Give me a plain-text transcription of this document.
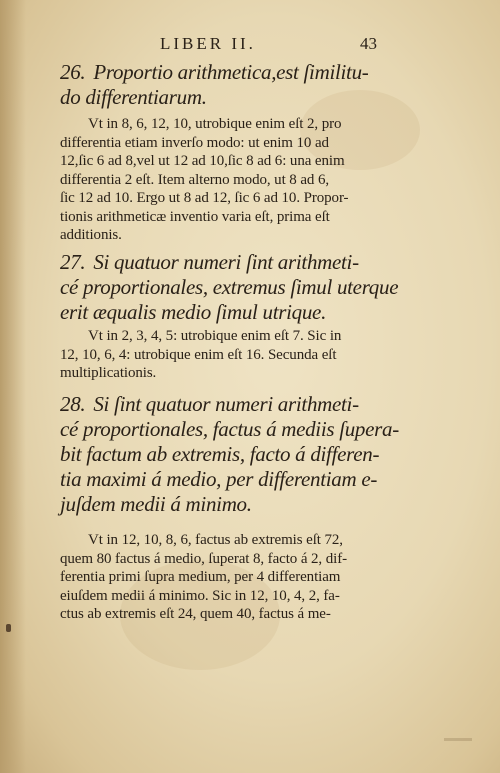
LIBER II.	43
26. Proportio arithmetica,est ſimilitu-
do differentiarum.
Vt in 8, 6, 12, 10, utrobique enim eſt 2, pro
differentia etiam inverſo modo: ut enim 10 ad
12,ſic 6 ad 8,vel ut 12 ad 10,ſic 8 ad 6: una enim
differentia 2 eſt. Item alterno modo, ut 8 ad 6,
ſic 12 ad 10. Ergo ut 8 ad 12, ſic 6 ad 10. Propor-
tionis arithmeticæ inventio varia eſt, prima eſt
additionis.
27. Si quatuor numeri ſint arithmeti-
cé proportionales, extremus ſimul uterque
erit æqualis medio ſimul utrique.
Vt in 2, 3, 4, 5: utrobique enim eſt 7. Sic in
12, 10, 6, 4: utrobique enim eſt 16. Secunda eſt
multiplicationis.
28. Si ſint quatuor numeri arithmeti-
cé proportionales, factus á mediis ſupera-
bit factum ab extremis, facto á differen-
tia maximi á medio, per differentiam e-
juſdem medii á minimo.
Vt in 12, 10, 8, 6, factus ab extremis eſt 72,
quem 80 factus á medio, ſuperat 8, facto á 2, dif-
ferentia primi ſupra medium, per 4 differentiam
eiuſdem medii á minimo. Sic in 12, 10, 4, 2, fa-
ctus ab extremis eſt 24, quem 40, factus á me-
